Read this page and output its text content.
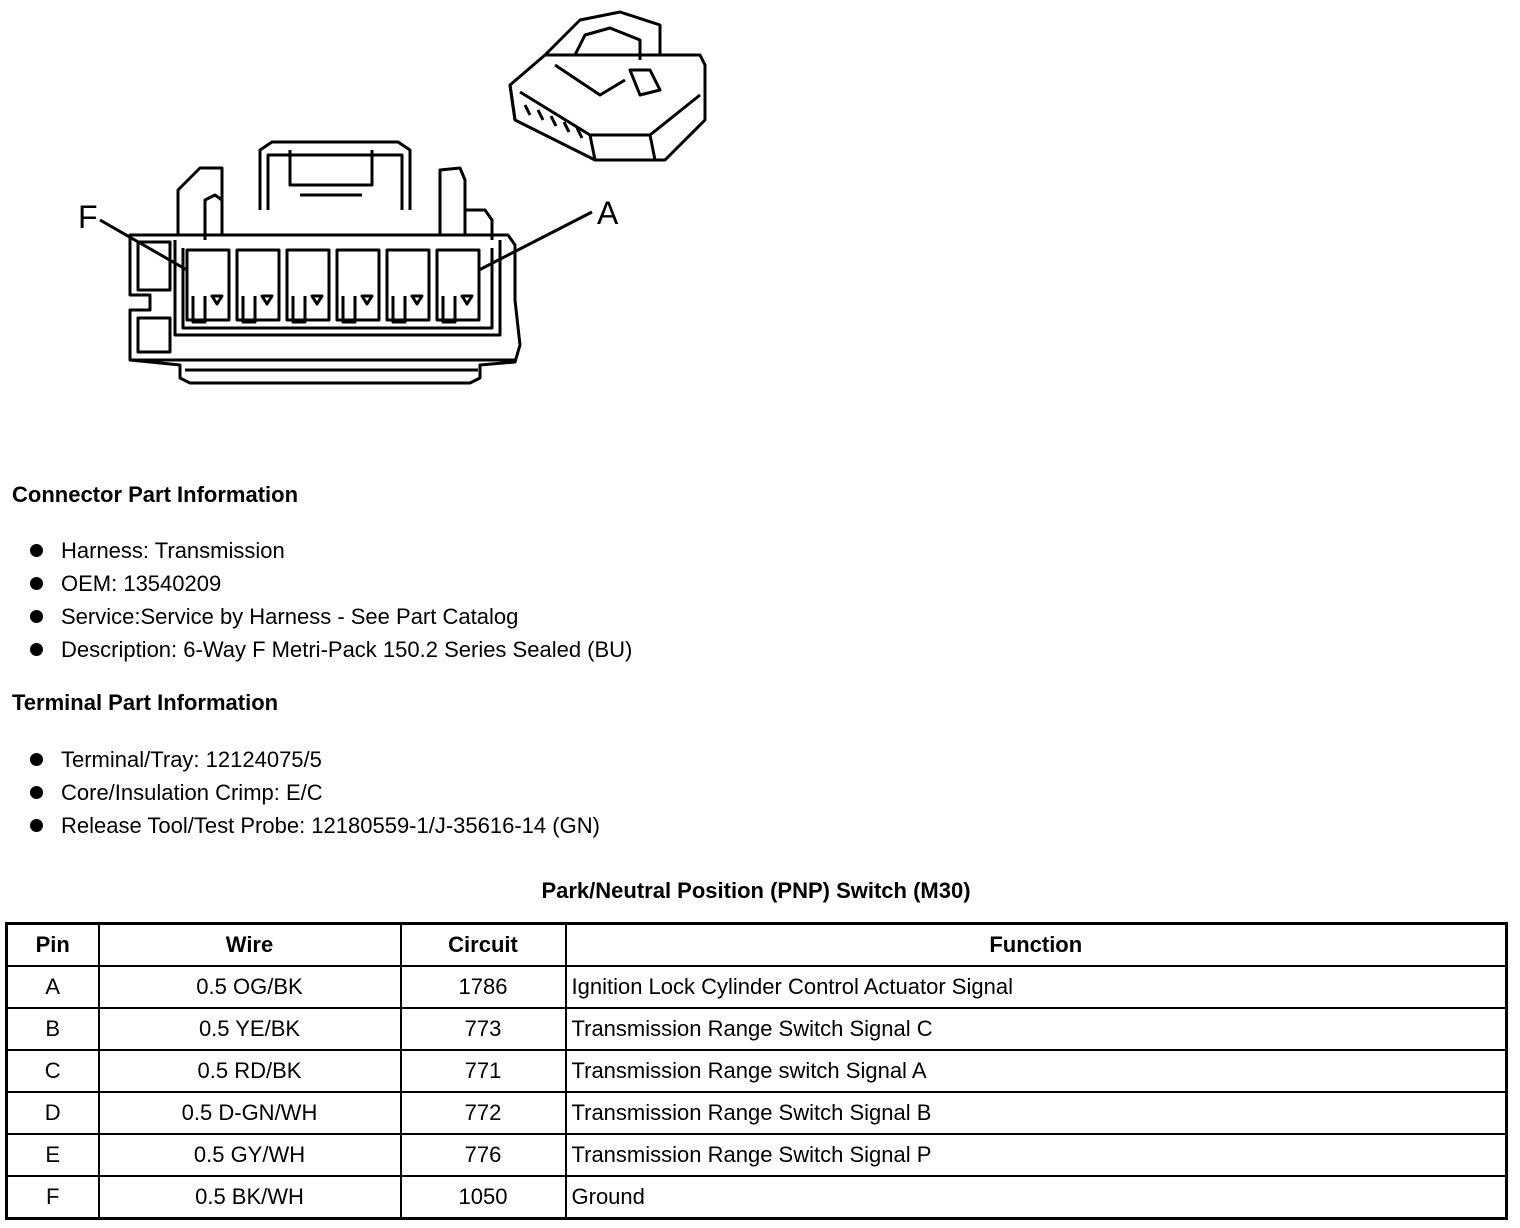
F	A
Connector Part Information
Harness: Transmission
OEM: 13540209
Service:Service by Harness - See Part Catalog
Description: 6-Way F Metri-Pack 150.2 Series Sealed (BU)
Terminal Part Information
Terminal/Tray: 12124075/5
Core/Insulation Crimp: E/C
Release Tool/Test Probe: 12180559-1/J-35616-14 (GN)
Park/Neutral Position (PNP) Switch (M30)
Pin	Wire	Circuit	Function
A	0.5 OG/BK	1786	Ignition Lock Cylinder Control Actuator Signal
B	0.5 YE/BK	773	Transmission Range Switch Signal C
C	0.5 RD/BK	771	Transmission Range switch Signal A
D	0.5 D-GN/WH	772	Transmission Range Switch Signal B
E	0.5 GY/WH	776	Transmission Range Switch Signal P
F	0.5 BK/WH	1050	Ground
